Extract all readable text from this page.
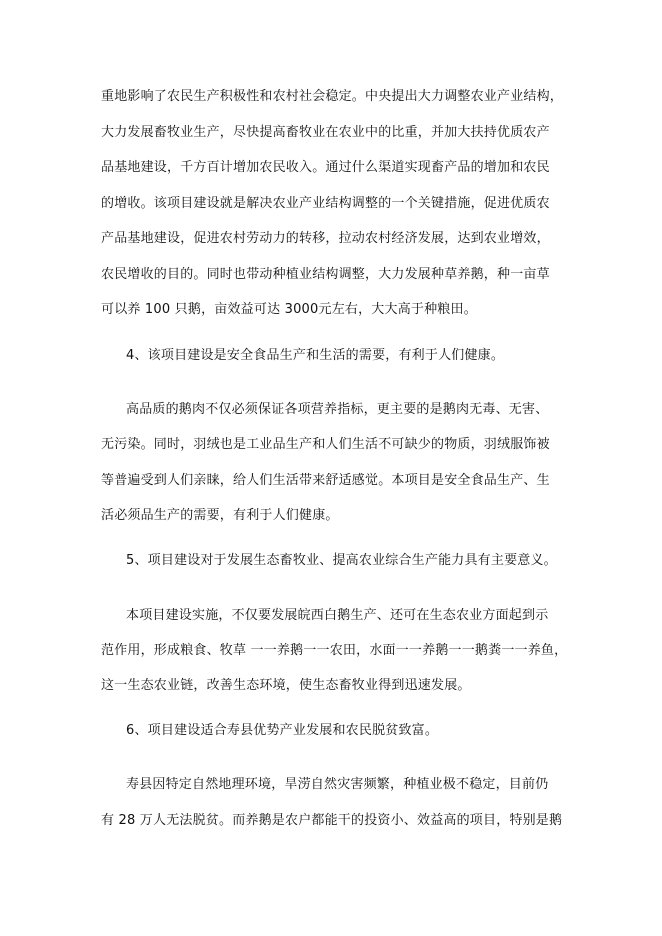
重地影响了农民生产积极性和农村社会稳定。中央提出大力调整农业产业结构，
大力发展畜牧业生产，尽快提高畜牧业在农业中的比重，并加大扶持优质农产
品基地建设，千方百计增加农民收入。通过什么渠道实现畜产品的增加和农民
的增收。该项目建设就是解决农业产业结构调整的一个关键措施，促进优质农
产品基地建设，促进农村劳动力的转移，拉动农村经济发展，达到农业增效，
农民增收的目的。同时也带动种植业结构调整，大力发展种草养鹅，种一亩草
可以养 100 只鹅，亩效益可达 3000元左右，大大高于种粮田。
4、该项目建设是安全食品生产和生活的需要，有利于人们健康。
高品质的鹅肉不仅必须保证各项营养指标，更主要的是鹅肉无毒、无害、
无污染。同时，羽绒也是工业品生产和人们生活不可缺少的物质，羽绒服饰被
等普遍受到人们亲睐，给人们生活带来舒适感觉。本项目是安全食品生产、生
活必须品生产的需要，有利于人们健康。
5、项目建设对于发展生态畜牧业、提高农业综合生产能力具有主要意义。
本项目建设实施，不仅要发展皖西白鹅生产、还可在生态农业方面起到示
范作用，形成粮食、牧草 一一养鹅一一农田，水面一一养鹅一一鹅粪一一养鱼，
这一生态农业链，改善生态环境，使生态畜牧业得到迅速发展。
6、项目建设适合寿县优势产业发展和农民脱贫致富。
寿县因特定自然地理环境，旱涝自然灾害频繁，种植业极不稳定，目前仍
有 28 万人无法脱贫。而养鹅是农户都能干的投资小、效益高的项目，特别是鹅
